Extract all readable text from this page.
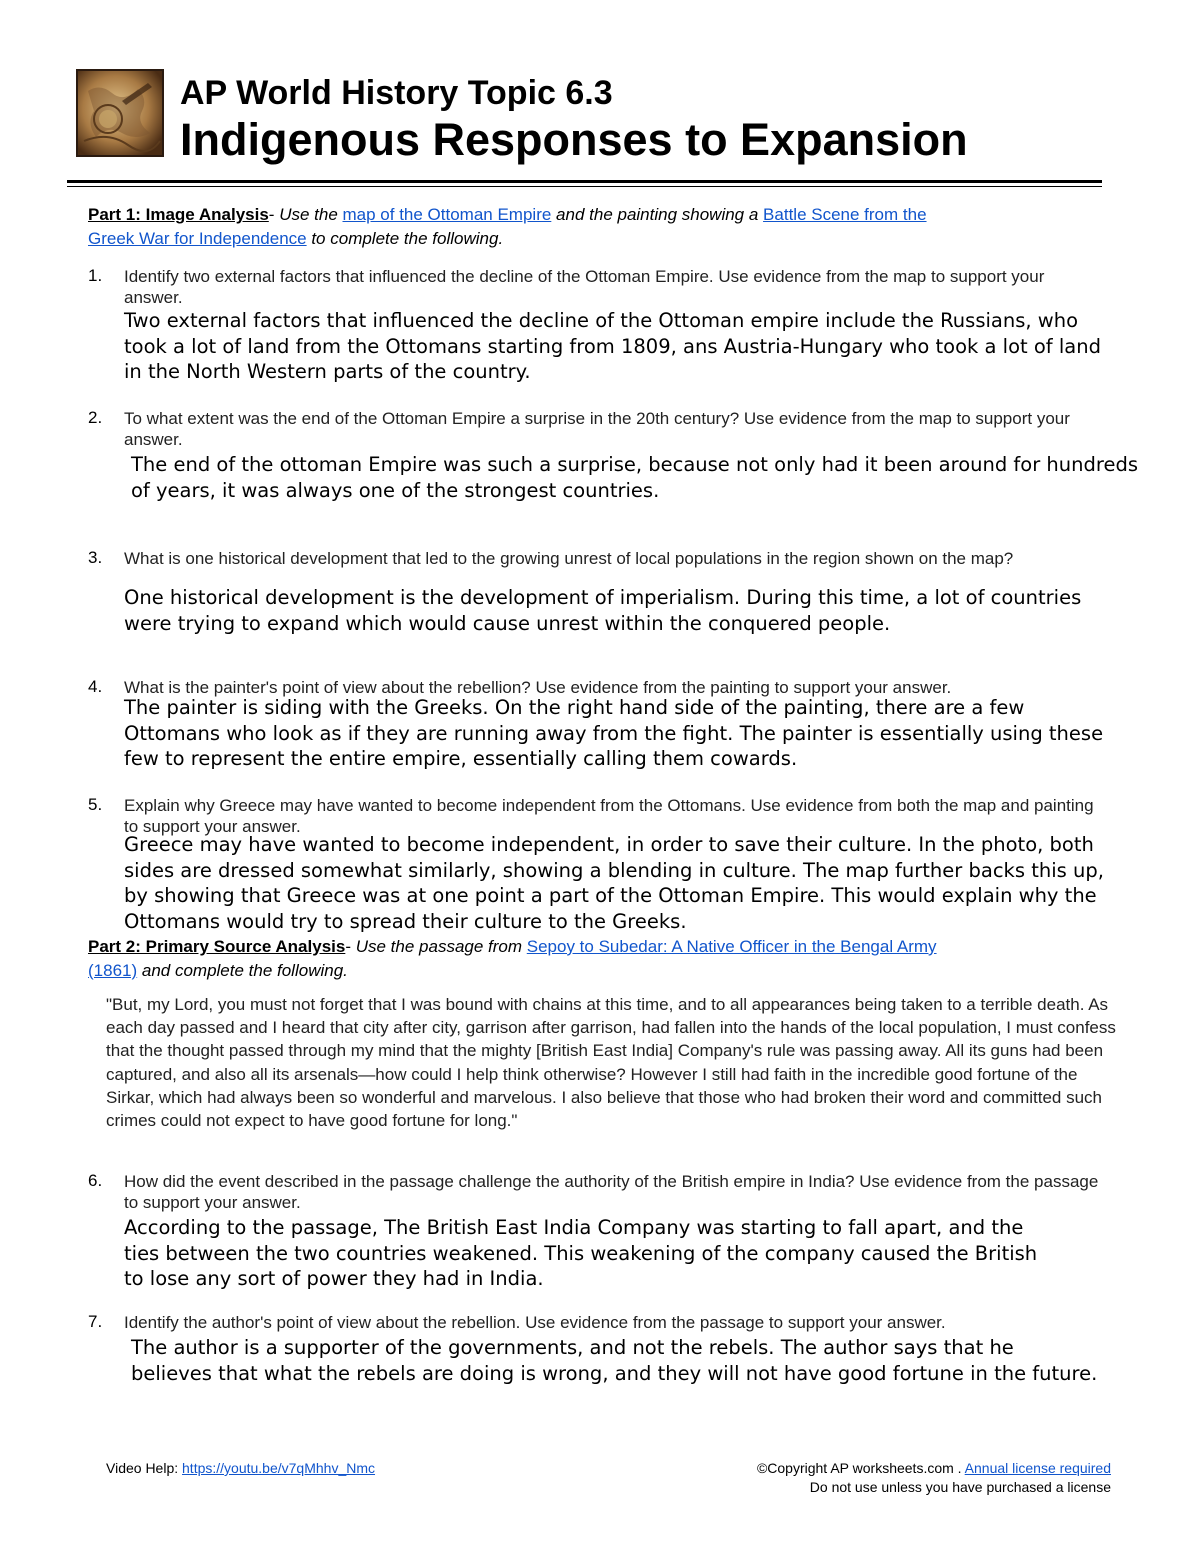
AP World History Topic 6.3
Indigenous Responses to Expansion
Part 1: Image Analysis- Use the map of the Ottoman Empire and the painting showing a Battle Scene from the
Greek War for Independence to complete the following.
1. Identify two external factors that influenced the decline of the Ottoman Empire. Use evidence from the map to support your answer.
Two external factors that influenced the decline of the Ottoman empire include the Russians, who
took a lot of land from the Ottomans starting from 1809, ans Austria-Hungary who took a lot of land
in the North Western parts of the country.
2. To what extent was the end of the Ottoman Empire a surprise in the 20th century? Use evidence from the map to support your answer.
The end of the ottoman Empire was such a surprise, because not only had it been around for hundreds
of years, it was always one of the strongest countries.
3. What is one historical development that led to the growing unrest of local populations in the region shown on the map?
One historical development is the development of imperialism. During this time, a lot of countries
were trying to expand which would cause unrest within the conquered people.
4. What is the painter's point of view about the rebellion? Use evidence from the painting to support your answer.
The painter is siding with the Greeks. On the right hand side of the painting, there are a few
Ottomans who look as if they are running away from the fight. The painter is essentially using these
few to represent the entire empire, essentially calling them cowards.
5. Explain why Greece may have wanted to become independent from the Ottomans. Use evidence from both the map and painting to support your answer.
Greece may have wanted to become independent, in order to save their culture. In the photo, both
sides are dressed somewhat similarly, showing a blending in culture. The map further backs this up,
by showing that Greece was at one point a part of the Ottoman Empire. This would explain why the
Ottomans would try to spread their culture to the Greeks.
Part 2: Primary Source Analysis- Use the passage from Sepoy to Subedar: A Native Officer in the Bengal Army
(1861) and complete the following.
"But, my Lord, you must not forget that I was bound with chains at this time, and to all appearances being taken to a terrible death. As each day passed and I heard that city after city, garrison after garrison, had fallen into the hands of the local population, I must confess that the thought passed through my mind that the mighty [British East India] Company's rule was passing away. All its guns had been captured, and also all its arsenals—how could I help think otherwise? However I still had faith in the incredible good fortune of the Sirkar, which had always been so wonderful and marvelous. I also believe that those who had broken their word and committed such crimes could not expect to have good fortune for long."
6. How did the event described in the passage challenge the authority of the British empire in India? Use evidence from the passage to support your answer.
According to the passage, The British East India Company was starting to fall apart, and the
ties between the two countries weakened. This weakening of the company caused the British
to lose any sort of power they had in India.
7. Identify the author's point of view about the rebellion. Use evidence from the passage to support your answer.
The author is a supporter of the governments, and not the rebels. The author says that he
believes that what the rebels are doing is wrong, and they will not have good fortune in the future.
Video Help: https://youtu.be/v7qMhhv_Nmc	©Copyright AP worksheets.com . Annual license required
Do not use unless you have purchased a license
